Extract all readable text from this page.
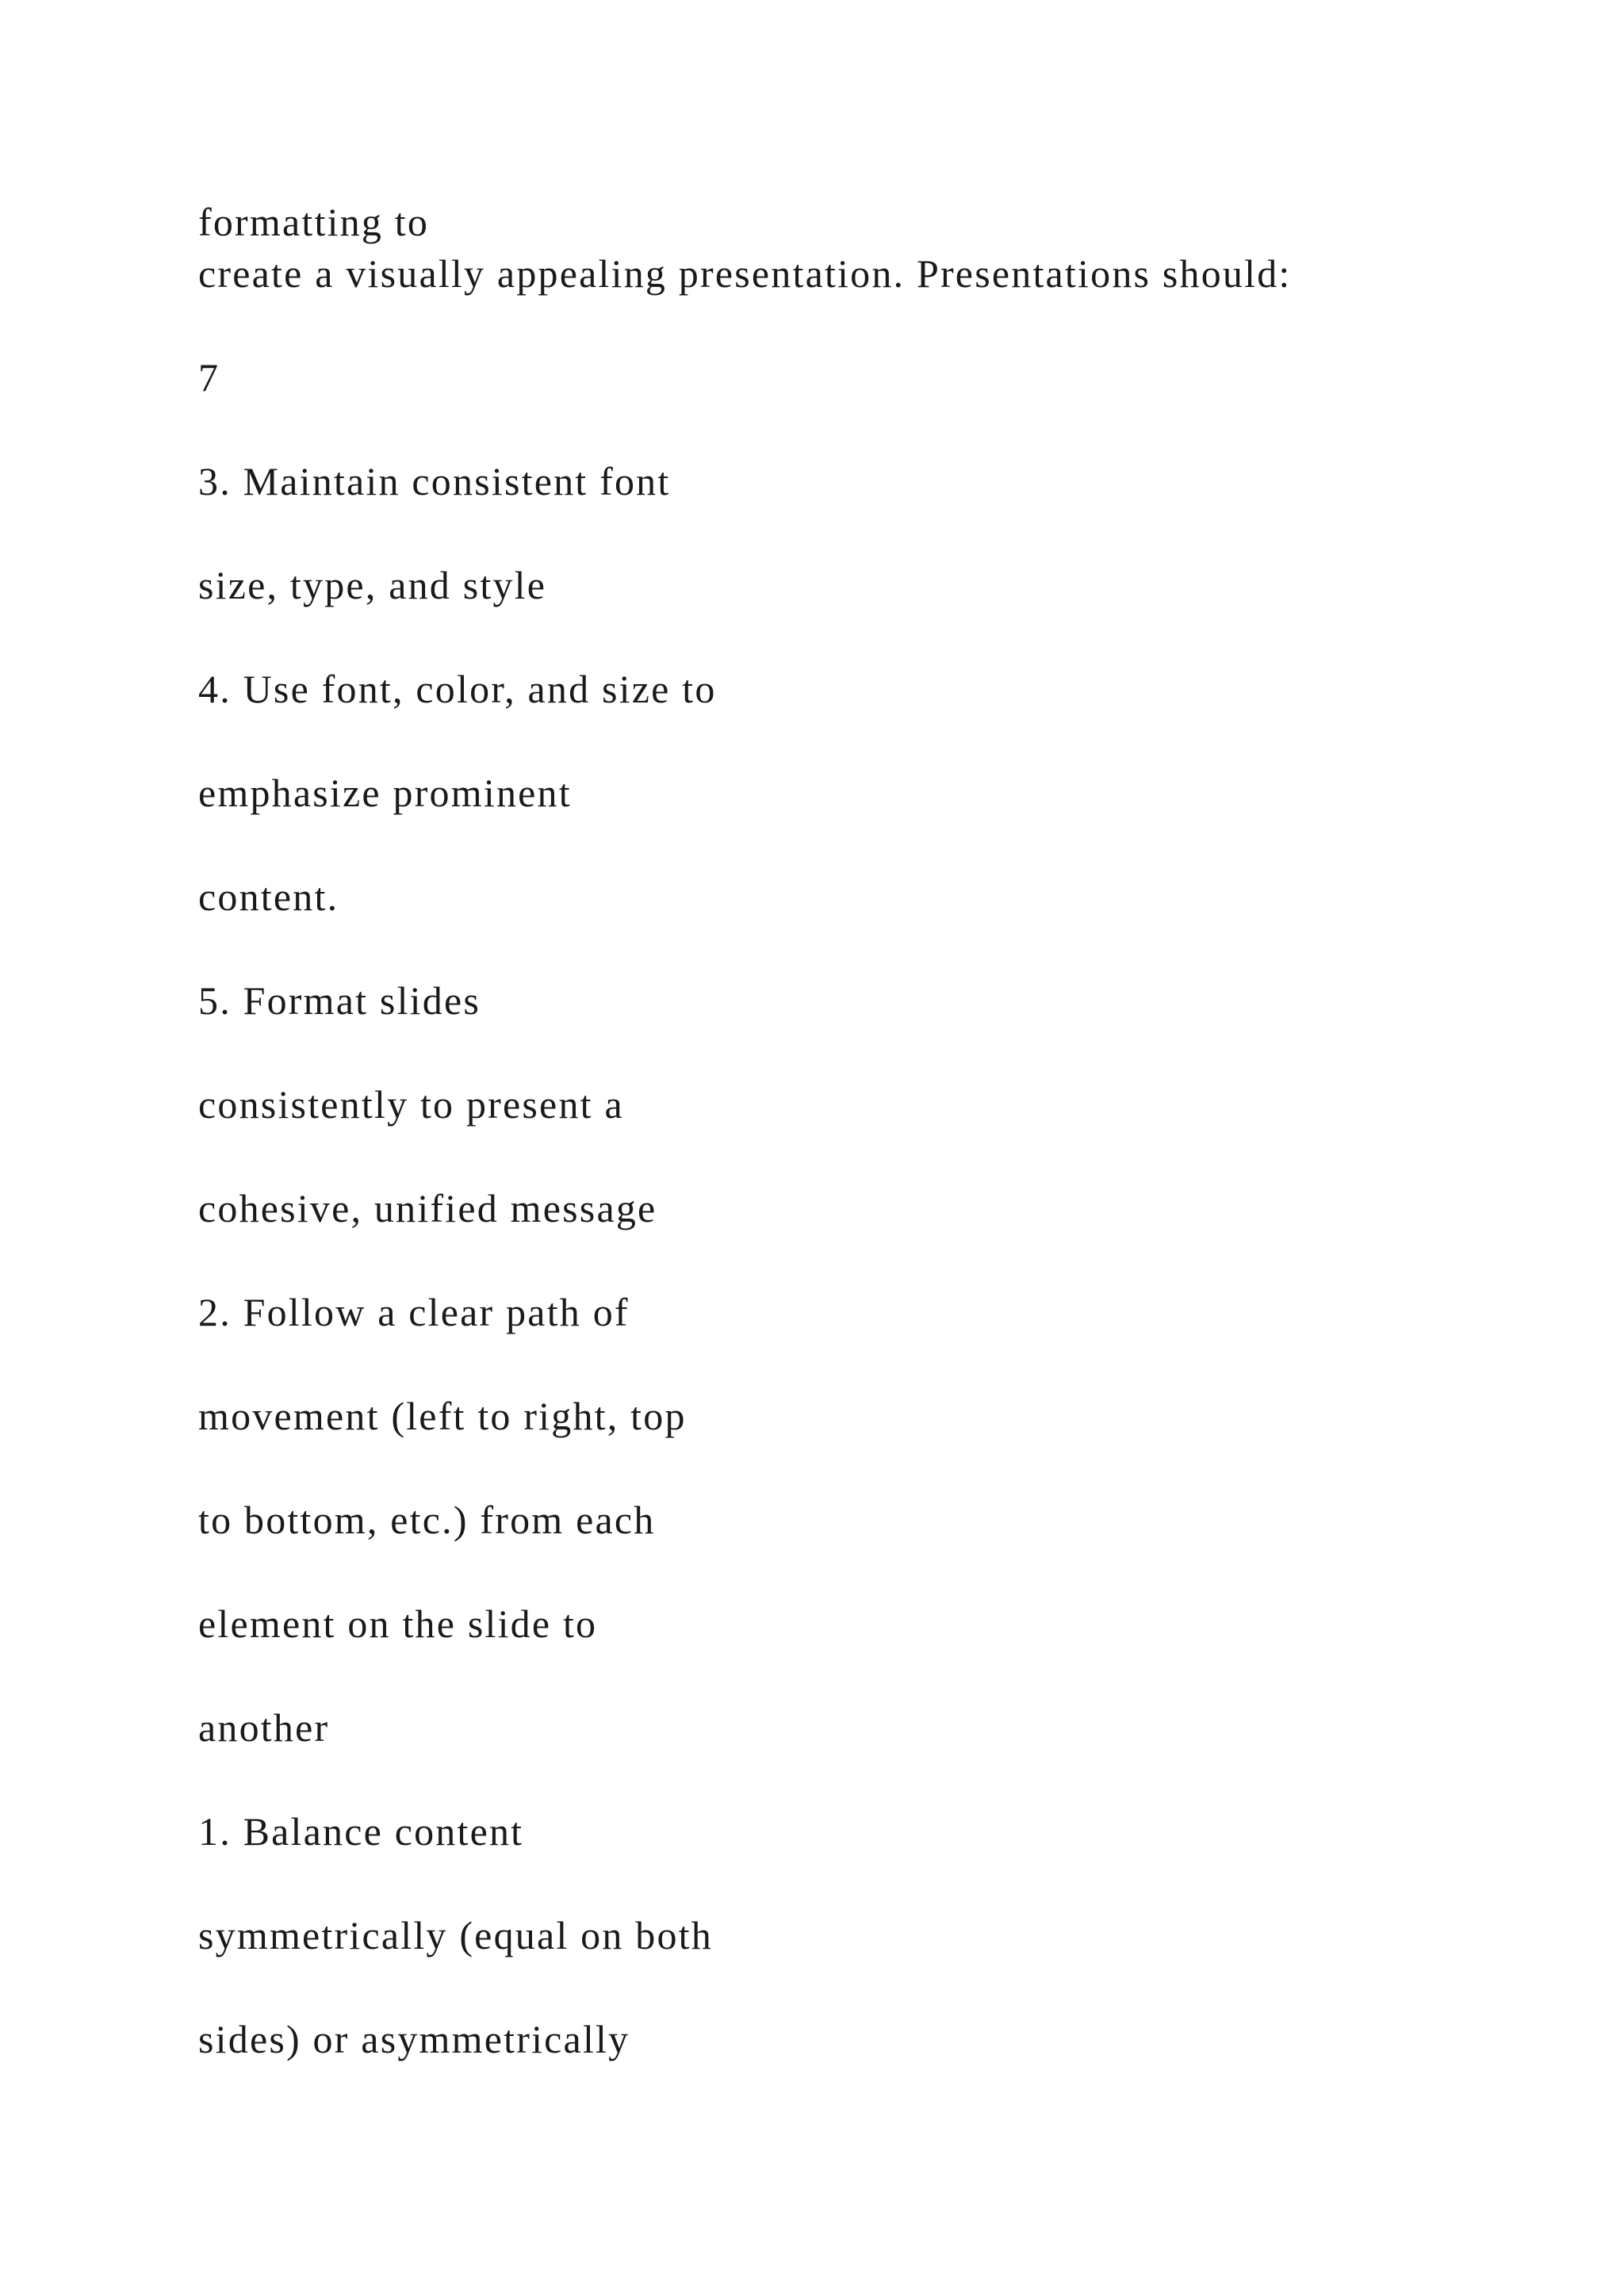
formatting to
create a visually appealing presentation. Presentations should:
7
3. Maintain consistent font
size, type, and style
4. Use font, color, and size to
emphasize prominent
content.
5. Format slides
consistently to present a
cohesive, unified message
2. Follow a clear path of
movement (left to right, top
to bottom, etc.) from each
element on the slide to
another
1. Balance content
symmetrically (equal on both
sides) or asymmetrically
